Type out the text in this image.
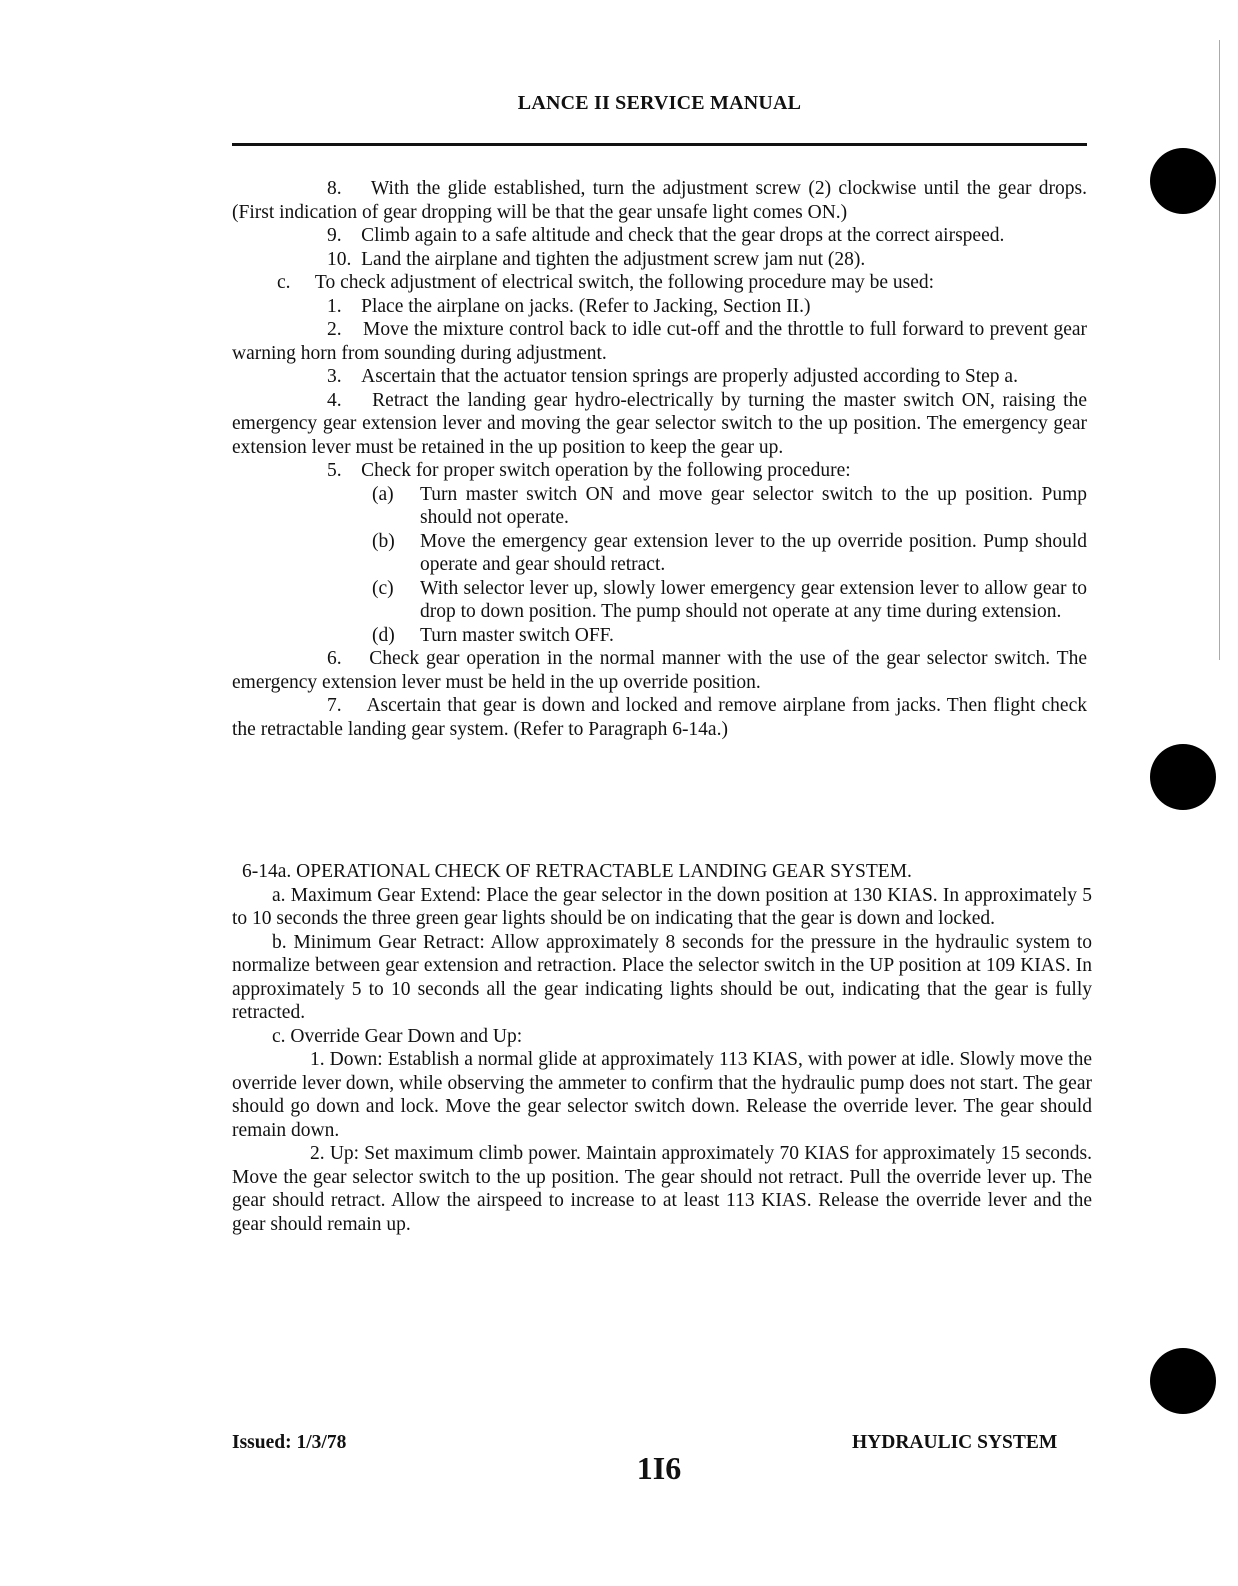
LANCE II SERVICE MANUAL

8. With the glide established, turn the adjustment screw (2) clockwise until the gear drops. (First indication of gear dropping will be that the gear unsafe light comes ON.)

9. Climb again to a safe altitude and check that the gear drops at the correct airspeed.

10. Land the airplane and tighten the adjustment screw jam nut (28).

c. To check adjustment of electrical switch, the following procedure may be used:

1. Place the airplane on jacks. (Refer to Jacking, Section II.)

2. Move the mixture control back to idle cut-off and the throttle to full forward to prevent gear warning horn from sounding during adjustment.

3. Ascertain that the actuator tension springs are properly adjusted according to Step a.

4. Retract the landing gear hydro-electrically by turning the master switch ON, raising the emergency gear extension lever and moving the gear selector switch to the up position. The emergency gear extension lever must be retained in the up position to keep the gear up.

5. Check for proper switch operation by the following procedure:

(a) Turn master switch ON and move gear selector switch to the up position. Pump should not operate.

(b) Move the emergency gear extension lever to the up override position. Pump should operate and gear should retract.

(c) With selector lever up, slowly lower emergency gear extension lever to allow gear to drop to down position. The pump should not operate at any time during extension.

(d) Turn master switch OFF.

6. Check gear operation in the normal manner with the use of the gear selector switch. The emergency extension lever must be held in the up override position.

7. Ascertain that gear is down and locked and remove airplane from jacks. Then flight check the retractable landing gear system. (Refer to Paragraph 6-14a.)

6-14a. OPERATIONAL CHECK OF RETRACTABLE LANDING GEAR SYSTEM.

a. Maximum Gear Extend: Place the gear selector in the down position at 130 KIAS. In approximately 5 to 10 seconds the three green gear lights should be on indicating that the gear is down and locked.

b. Minimum Gear Retract: Allow approximately 8 seconds for the pressure in the hydraulic system to normalize between gear extension and retraction. Place the selector switch in the UP position at 109 KIAS. In approximately 5 to 10 seconds all the gear indicating lights should be out, indicating that the gear is fully retracted.

c. Override Gear Down and Up:

1. Down: Establish a normal glide at approximately 113 KIAS, with power at idle. Slowly move the override lever down, while observing the ammeter to confirm that the hydraulic pump does not start. The gear should go down and lock. Move the gear selector switch down. Release the override lever. The gear should remain down.

2. Up: Set maximum climb power. Maintain approximately 70 KIAS for approximately 15 seconds. Move the gear selector switch to the up position. The gear should not retract. Pull the override lever up. The gear should retract. Allow the airspeed to increase to at least 113 KIAS. Release the override lever and the gear should remain up.

Issued: 1/3/78
1I6
HYDRAULIC SYSTEM
